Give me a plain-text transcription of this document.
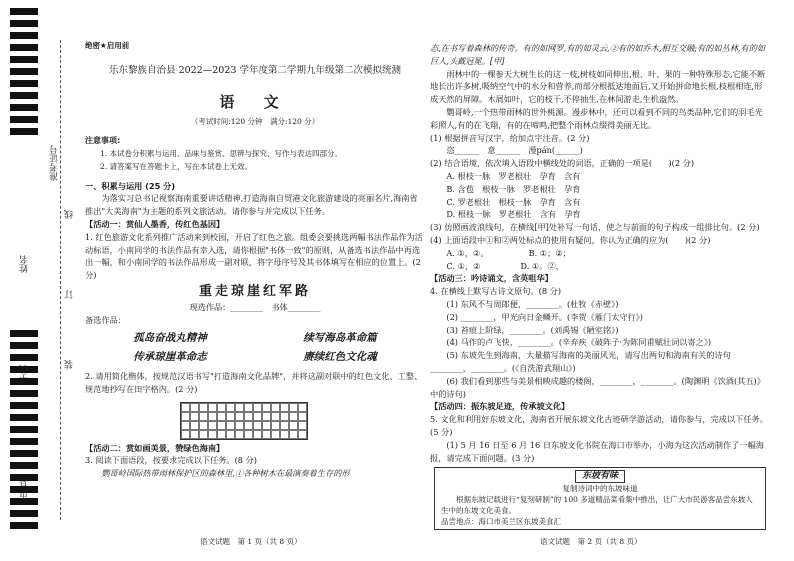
准考证号
姓名
学校
市(县)
线
订
装
绝密★启用前
乐东黎族自治县 2022—2023 学年度第二学期九年级第二次模拟统测
语 文
（考试时间:120 分钟　满分:120 分）
注意事项:

1. 本试卷分积累与运用、品味与鉴赏、思辨与探究、写作与表达四部分。

2. 请答案写在答题卡上，写在本试卷上无效。

一、积累与运用 (25 分)

为落实习总书记视察海南重要讲话精神,打造海南自贸港文化旅游建设的亮丽名片,海南省推出"大美海南"为主题的系列文旅活动。请你参与并完成以下任务。

【活动一：赏仙人墨香，传红色基因】

1. 红色旅游文化系列推广活动来到校园，开启了红色之旅。组委会要挑选两幅书法作品作为活动标语，小南同学的书法作品有幸入选，请你根据"书体一致"的原则，从备选书法作品中再选出一幅，和小南同学的书法作品形成一副对联，将字母序号及其书体填写在相应的位置上。(2 分)

重走琼崖红军路

现选作品：________　书体________

备选作品：

孤岛奋战丸精神	续写海岛革命篇
传承琼崖革命志	赓续红色文化魂

2. 请用简化楷体，按规范汉语书写"打造海南文化品牌"，并将这副对联中的红色文化、工整、规范地抄写在田字格内。(2 分)

【活动二：赏如画美景，赞绿色海南】

3. 阅读下面语段，按要求完成以下任务。(8 分)

鹦哥岭国际热带雨林保护区的森林里,①各种树木在最演奏着生存的形

语文试题　第 1 页（共 8 页）

态,在书写着森林的传奇。有的如网罗,有的如灵云,②有的如乔木,相互交融;有的如丛林,有的如巨人,头戴冠冕。[甲]

雨林中的一棵参天大树生长的这一枝,树枝如同伸出,根、叶、果的一种特殊形态,它能不断地长出许多树,吸纳空气中的水分和营养,而部分根抵达地面后,又开始拼命地长根,枝根相连,形成天然的屏障。木屑如叶，它的枝干,不停抽生,在林间游走,生机盎然。

鹦哥岭,一个热带雨林的世外桃源。漫步林中，还可以看到不同的鸟类品种,它们的羽毛光彩照人,有的在飞翔，有的在啼鸣,把整个雨林点缀得美丽无比。

(1) 根据拼音写汉字，给加点字注音。(2 分)

恣______　意______　漫pán(______)

(2) 结合语境，依次填入语段中横线处的词语，正确的一项是(　　)(2 分)

A. 根枝一脉　罗老根壮　孕育　含有

B. 含苞　根枝一脉　罗老根壮　孕育

C. 罗老根壮　根枝一脉　孕育　含有

D. 根枝一脉　罗老根壮　含有　孕育

(3) 仿照画波浪线句，在横线[甲]处补写一句话，使之与前面的句子构成一组排比句。(2 分)

(4) 上面语段中①和②两处标点的使用有疑问，你认为正确的应为(　　)(2 分)

A. ①，②。	B. ①；②；
C. ①，②	D. ①。②，

【活动三：吟诗诵文，含英咀华】

4. 在横线上默写古诗文原句。(8 分)

(1) 东风不与周郎便，________。(杜牧《赤壁》)

(2) ________，甲光向日金鳞开。(李贺《雁门太守行》)

(3) 苔痕上阶绿，________。(刘禹锡《陋室铭》)

(4) 马作的卢飞快，________。(辛弃疾《破阵子·为陈同甫赋壮词以寄之》)

(5) 东坡先生到海南，大量描写海南的美丽风光，请写出两句和海南有关的诗句________，________。(《自洗游武翔山》)

(6) 我们看到那些与美景相映成趣的楼阁，________，________。(陶渊明《饮酒(其五)》中的诗句)

【活动四：振东坡足迹，传承坡文化】

5. 文化和利用好东坡文化，海南省开展东坡文化古迹研学游活动，请你参与，完成以下任务。(5 分)

(1) 5 月 16 日至 6 月 16 日东坡文化书院在海口市举办，小海为这次活动制作了一幅海报，请完成下面问题。(3 分)

东坡有味
复制诗词中的东坡味道
根据东坡记载进行“复刻研制”的 100 多道精品菜肴集中推出，让广大市民游客品尝东坡人生中的东坡文化美食。
品尝地点：海口市美兰区东坡美食汇
语文试题　第 2 页（共 8 页）
